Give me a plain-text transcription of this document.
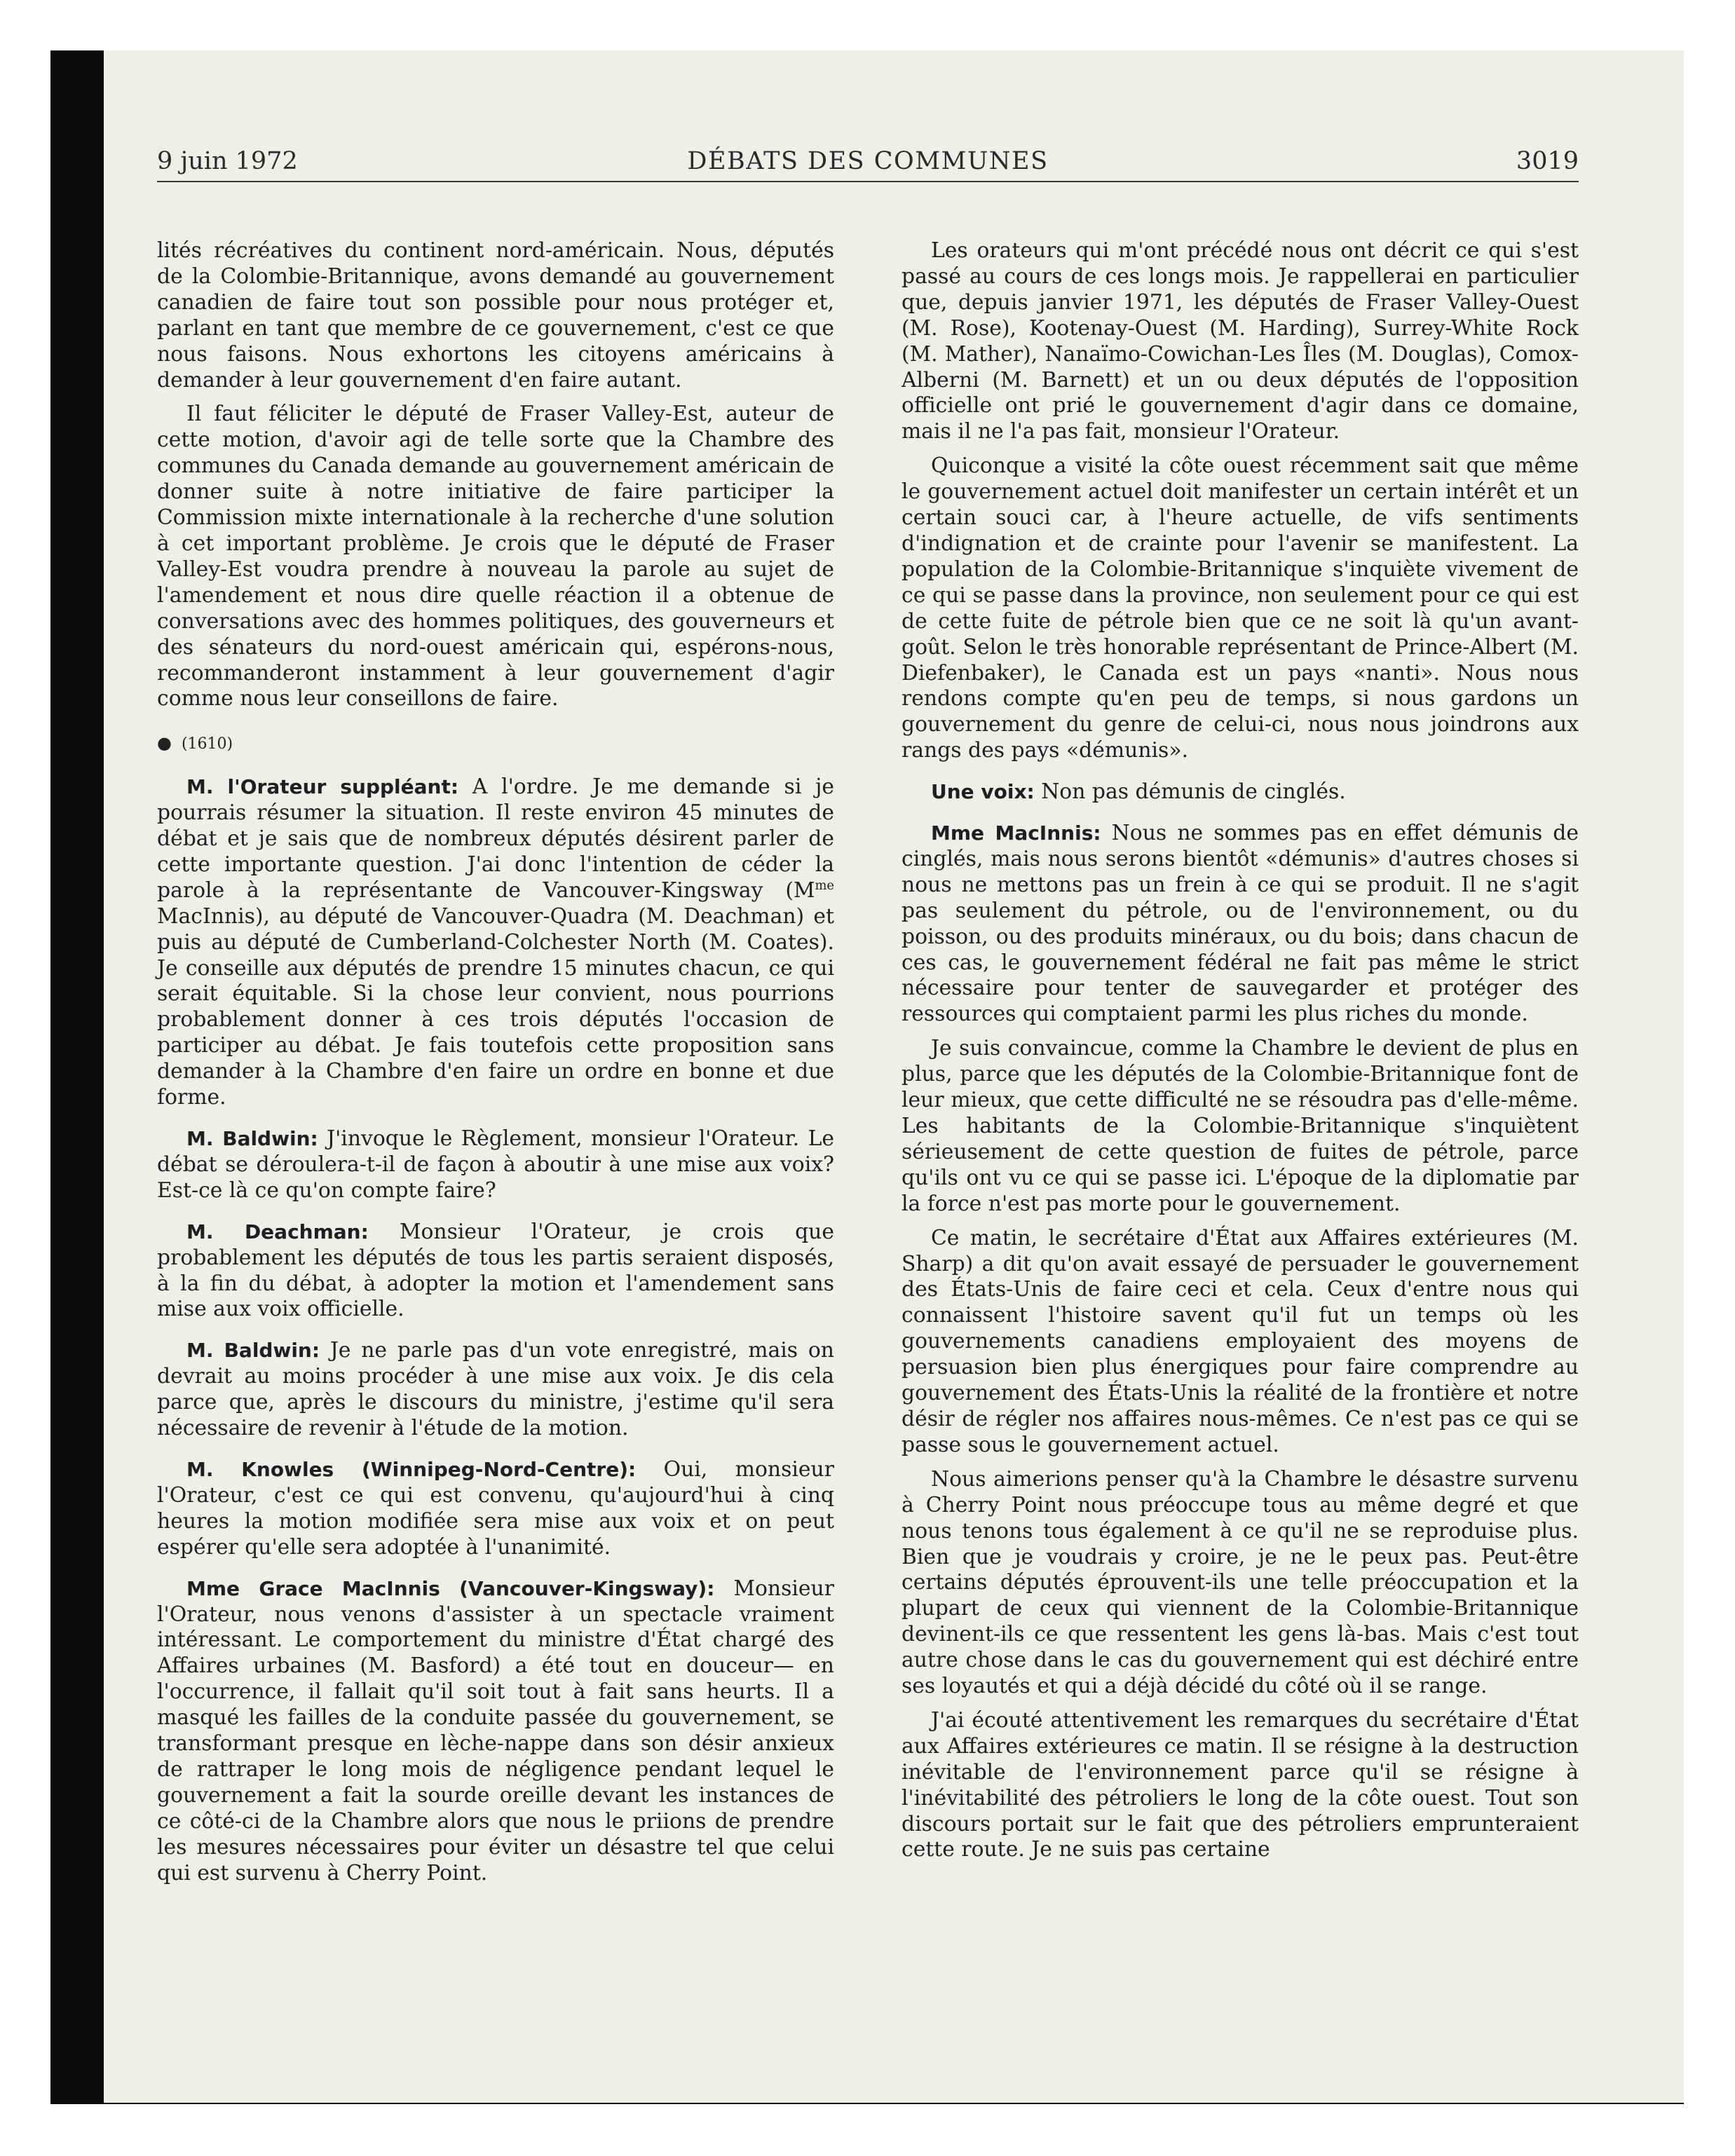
9 juin 1972	DÉBATS DES COMMUNES	3019

lités récréatives du continent nord-américain. Nous, députés de la Colombie-Britannique, avons demandé au gouvernement canadien de faire tout son possible pour nous protéger et, parlant en tant que membre de ce gouvernement, c'est ce que nous faisons. Nous exhortons les citoyens américains à demander à leur gouvernement d'en faire autant.

Il faut féliciter le député de Fraser Valley-Est, auteur de cette motion, d'avoir agi de telle sorte que la Chambre des communes du Canada demande au gouvernement américain de donner suite à notre initiative de faire participer la Commission mixte internationale à la recherche d'une solution à cet important problème. Je crois que le député de Fraser Valley-Est voudra prendre à nouveau la parole au sujet de l'amendement et nous dire quelle réaction il a obtenue de conversations avec des hommes politiques, des gouverneurs et des sénateurs du nord-ouest américain qui, espérons-nous, recommanderont instamment à leur gouvernement d'agir comme nous leur conseillons de faire.

● (1610)

M. l'Orateur suppléant: A l'ordre. Je me demande si je pourrais résumer la situation. Il reste environ 45 minutes de débat et je sais que de nombreux députés désirent parler de cette importante question. J'ai donc l'intention de céder la parole à la représentante de Vancouver-Kingsway ($M^{me}$ MacInnis), au député de Vancouver-Quadra (M. Deachman) et puis au député de Cumberland-Colchester North (M. Coates). Je conseille aux députés de prendre 15 minutes chacun, ce qui serait équitable. Si la chose leur convient, nous pourrions probablement donner à ces trois députés l'occasion de participer au débat. Je fais toutefois cette proposition sans demander à la Chambre d'en faire un ordre en bonne et due forme.

M. Baldwin: J'invoque le Règlement, monsieur l'Orateur. Le débat se déroulera-t-il de façon à aboutir à une mise aux voix? Est-ce là ce qu'on compte faire?

M. Deachman: Monsieur l'Orateur, je crois que probablement les députés de tous les partis seraient disposés, à la fin du débat, à adopter la motion et l'amendement sans mise aux voix officielle.

M. Baldwin: Je ne parle pas d'un vote enregistré, mais on devrait au moins procéder à une mise aux voix. Je dis cela parce que, après le discours du ministre, j'estime qu'il sera nécessaire de revenir à l'étude de la motion.

M. Knowles (Winnipeg-Nord-Centre): Oui, monsieur l'Orateur, c'est ce qui est convenu, qu'aujourd'hui à cinq heures la motion modifiée sera mise aux voix et on peut espérer qu'elle sera adoptée à l'unanimité.

Mme Grace MacInnis (Vancouver-Kingsway): Monsieur l'Orateur, nous venons d'assister à un spectacle vraiment intéressant. Le comportement du ministre d'État chargé des Affaires urbaines (M. Basford) a été tout en douceur— en l'occurrence, il fallait qu'il soit tout à fait sans heurts. Il a masqué les failles de la conduite passée du gouvernement, se transformant presque en lèche-nappe dans son désir anxieux de rattraper le long mois de négligence pendant lequel le gouvernement a fait la sourde oreille devant les instances de ce côté-ci de la Chambre alors que nous le priions de prendre les mesures nécessaires pour éviter un désastre tel que celui qui est survenu à Cherry Point.

Les orateurs qui m'ont précédé nous ont décrit ce qui s'est passé au cours de ces longs mois. Je rappellerai en particulier que, depuis janvier 1971, les députés de Fraser Valley-Ouest (M. Rose), Kootenay-Ouest (M. Harding), Surrey-White Rock (M. Mather), Nanaïmo-Cowichan-Les Îles (M. Douglas), Comox-Alberni (M. Barnett) et un ou deux députés de l'opposition officielle ont prié le gouvernement d'agir dans ce domaine, mais il ne l'a pas fait, monsieur l'Orateur.

Quiconque a visité la côte ouest récemment sait que même le gouvernement actuel doit manifester un certain intérêt et un certain souci car, à l'heure actuelle, de vifs sentiments d'indignation et de crainte pour l'avenir se manifestent. La population de la Colombie-Britannique s'inquiète vivement de ce qui se passe dans la province, non seulement pour ce qui est de cette fuite de pétrole bien que ce ne soit là qu'un avant-goût. Selon le très honorable représentant de Prince-Albert (M. Diefenbaker), le Canada est un pays «nanti». Nous nous rendons compte qu'en peu de temps, si nous gardons un gouvernement du genre de celui-ci, nous nous joindrons aux rangs des pays «démunis».

Une voix: Non pas démunis de cinglés.

Mme MacInnis: Nous ne sommes pas en effet démunis de cinglés, mais nous serons bientôt «démunis» d'autres choses si nous ne mettons pas un frein à ce qui se produit. Il ne s'agit pas seulement du pétrole, ou de l'environnement, ou du poisson, ou des produits minéraux, ou du bois; dans chacun de ces cas, le gouvernement fédéral ne fait pas même le strict nécessaire pour tenter de sauvegarder et protéger des ressources qui comptaient parmi les plus riches du monde.

Je suis convaincue, comme la Chambre le devient de plus en plus, parce que les députés de la Colombie-Britannique font de leur mieux, que cette difficulté ne se résoudra pas d'elle-même. Les habitants de la Colombie-Britannique s'inquiètent sérieusement de cette question de fuites de pétrole, parce qu'ils ont vu ce qui se passe ici. L'époque de la diplomatie par la force n'est pas morte pour le gouvernement.

Ce matin, le secrétaire d'État aux Affaires extérieures (M. Sharp) a dit qu'on avait essayé de persuader le gouvernement des États-Unis de faire ceci et cela. Ceux d'entre nous qui connaissent l'histoire savent qu'il fut un temps où les gouvernements canadiens employaient des moyens de persuasion bien plus énergiques pour faire comprendre au gouvernement des États-Unis la réalité de la frontière et notre désir de régler nos affaires nous-mêmes. Ce n'est pas ce qui se passe sous le gouvernement actuel.

Nous aimerions penser qu'à la Chambre le désastre survenu à Cherry Point nous préoccupe tous au même degré et que nous tenons tous également à ce qu'il ne se reproduise plus. Bien que je voudrais y croire, je ne le peux pas. Peut-être certains députés éprouvent-ils une telle préoccupation et la plupart de ceux qui viennent de la Colombie-Britannique devinent-ils ce que ressentent les gens là-bas. Mais c'est tout autre chose dans le cas du gouvernement qui est déchiré entre ses loyautés et qui a déjà décidé du côté où il se range.

J'ai écouté attentivement les remarques du secrétaire d'État aux Affaires extérieures ce matin. Il se résigne à la destruction inévitable de l'environnement parce qu'il se résigne à l'inévitabilité des pétroliers le long de la côte ouest. Tout son discours portait sur le fait que des pétroliers emprunteraient cette route. Je ne suis pas certaine
